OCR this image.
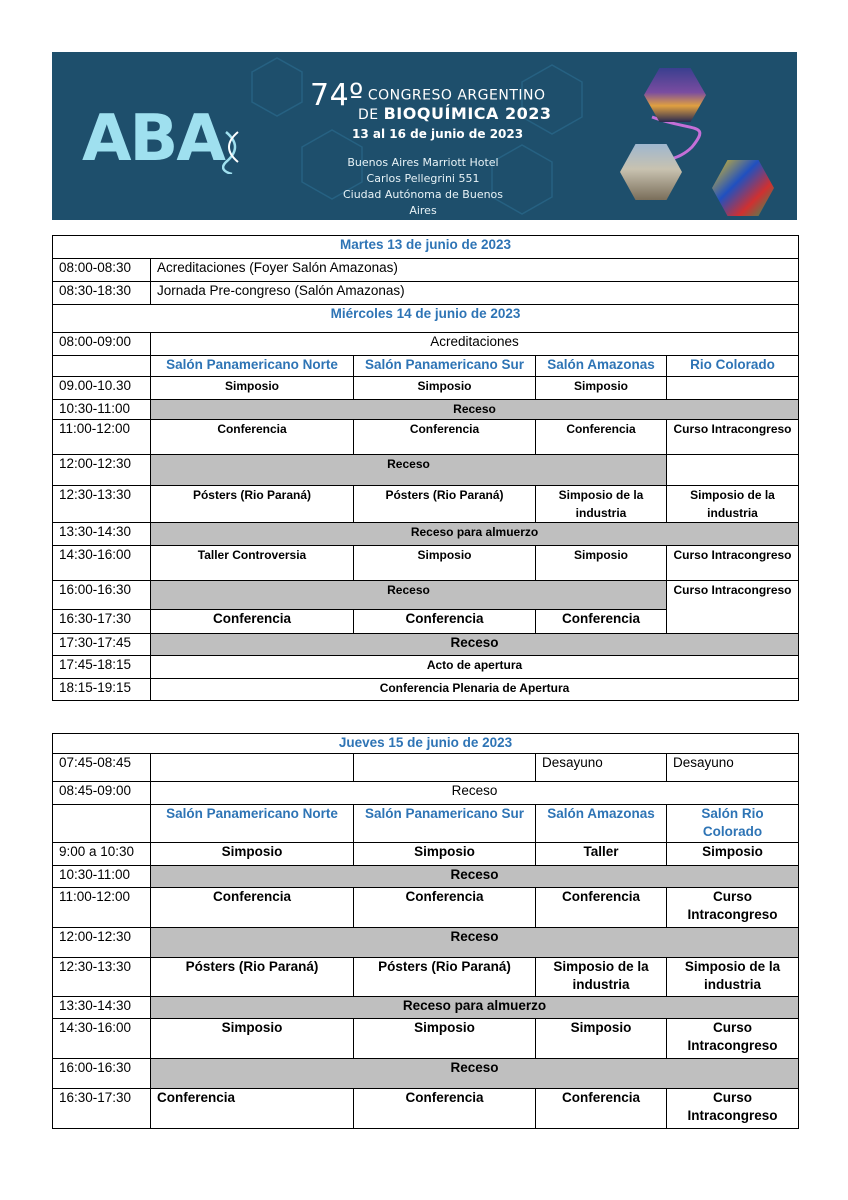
ABA
74º CONGRESO ARGENTINO
DE BIOQUÍMICA 2023
13 al 16 de junio de 2023
Buenos Aires Marriott Hotel
Carlos Pellegrini 551
Ciudad Autónoma de Buenos Aires
Martes 13 de junio de 2023				
08:00-08:30	Acreditaciones (Foyer Salón Amazonas)			
08:30-18:30	Jornada Pre-congreso (Salón Amazonas)			
Miércoles 14 de junio de 2023				
08:00-09:00	Acreditaciones			
	Salón Panamericano Norte	Salón Panamericano Sur	Salón Amazonas	Rio Colorado
09.00-10.30	Simposio	Simposio	Simposio	
10:30-11:00	Receso			
11:00-12:00	Conferencia	Conferencia	Conferencia	Curso Intracongreso
12:00-12:30	Receso			
12:30-13:30	Pósters (Rio Paraná)	Pósters (Rio Paraná)	Simposio de la industria	Simposio de la industria
13:30-14:30	Receso para almuerzo			
14:30-16:00	Taller Controversia	Simposio	Simposio	Curso Intracongreso
16:00-16:30	Receso			Curso Intracongreso
16:30-17:30	Conferencia	Conferencia	Conferencia	
17:30-17:45	Receso			
17:45-18:15	Acto de apertura			
18:15-19:15	Conferencia Plenaria de Apertura			
Jueves 15 de junio de 2023				
07:45-08:45			Desayuno	Desayuno
08:45-09:00	Receso			
	Salón Panamericano Norte	Salón Panamericano Sur	Salón Amazonas	Salón Rio Colorado
9:00 a 10:30	Simposio	Simposio	Taller	Simposio
10:30-11:00	Receso			
11:00-12:00	Conferencia	Conferencia	Conferencia	Curso Intracongreso
12:00-12:30	Receso			
12:30-13:30	Pósters (Rio Paraná)	Pósters (Rio Paraná)	Simposio de la industria	Simposio de la industria
13:30-14:30	Receso para almuerzo			
14:30-16:00	Simposio	Simposio	Simposio	Curso Intracongreso
16:00-16:30	Receso			
16:30-17:30	Conferencia	Conferencia	Conferencia	Curso Intracongreso
